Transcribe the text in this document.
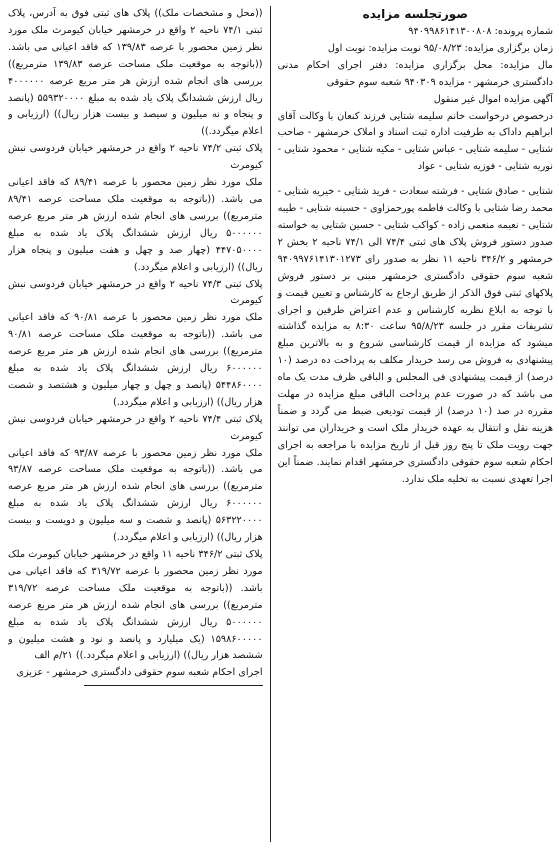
صورتجلسه مزایده

شماره پرونده: ۹۴۰۹۹۸۶۱۴۱۳۰۰۸۰۸

زمان برگزاری مزایده: ۹۵/۰۸/۲۳ نوبت مزایده: نوبت اول

مال مزایده: محل برگزاری مزایده: دفتر اجرای احکام مدنی دادگستری خرمشهر - مزایده ۹۴۰۳۰۹ شعبه سوم حقوقی

آگهی مزایده اموال غیر منقول

درخصوص درخواست خانم سلیمه شتایی فرزند کنعان با وکالت آقای ابراهیم داداک به طرفیت اداره ثبت اسناد و املاک خرمشهر - صاحب شتایی - سلیمه شتایی - عباس شتایی - مکیه شتایی - محمود شتایی - نوریه شتایی - فوزیه شتایی - عواد

شتایی - صادق شتایی - فرشته سعادت - فرید شتایی - خیریه شتایی - محمد رضا شتایی با وکالت فاطمه پورحمزاوی - حسینه شتایی - طیبه شتایی - نعیمه منعمی زاده - کواکب شتایی - حسین شتایی به خواسته صدور دستور فروش پلاک های ثبتی ۷۴/۴ الی ۷۴/۱ ناحیه ۲ بخش ۲ خرمشهر و ۳۴۶/۲ ناحیه ۱۱ نظر به صدور رای ۹۴۰۹۹۷۶۱۴۱۳۰۱۲۷۳ شعبه سوم حقوقی دادگستری خرمشهر مبنی بر دستور فروش پلاکهای ثبتی فوق الذکر از طریق ارجاع به کارشناس و تعیین قیمت و با توجه به ابلاغ نظریه کارشناس و عدم اعتراض طرفین و اجرای تشریفات مقرر در جلسه ۹۵/۸/۲۳ ساعت ۸:۳۰ به مزایده گذاشته میشود که مزایده از قیمت کارشناسی شروع و به بالاترین مبلغ پیشنهادی به فروش می رسد خریدار مکلف به پرداخت ده درصد (۱۰ درصد) از قیمت پیشنهادی فی المجلس و الباقی ظرف مدت یک ماه می باشد که در صورت عدم پرداخت الباقی مبلغ مزایده در مهلت مقرره در صد (۱۰ درصد) از قیمت تودیعی ضبط می گردد و ضمناً هزینه نقل و انتقال به عهده خریدار ملک است و خریداران می توانند جهت رویت ملک تا پنج روز قبل از تاریخ مزایده با مراجعه به اجرای احکام شعبه سوم حقوقی دادگستری خرمشهر اقدام نمایند. ضمناً این اجرا تعهدی نسبت به تخلیه ملک ندارد.

((محل و مشخصات ملک)) پلاک های ثبتی فوق به آدرس، پلاک ثبتی ۷۴/۱ ناحیه ۲ واقع در خرمشهر خیابان کیومرث ملک مورد نظر زمین محصور با عرصه ۱۳۹/۸۳ که فاقد اعیانی می باشد. ((باتوجه به موقعیت ملک مساحت عرصه ۱۳۹/۸۳ مترمربع)) بررسی های انجام شده ارزش هر متر مربع عرصه ۴۰۰۰۰۰۰ ریال ارزش ششدانگ پلاک یاد شده به مبلغ ۵۵۹۳۲۰۰۰۰ (پانصد و پنجاه و نه میلیون و سیصد و بیست هزار ریال)) (ارزیابی و اعلام میگردد.))

پلاک ثبتی ۷۴/۲ ناحیه ۲ واقع در خرمشهر خیابان فردوسی نبش کیومرث

ملک مورد نظر زمین محصور با عرصه ۸۹/۴۱ که فاقد اعیانی می باشد. ((باتوجه به موقعیت ملک مساحت عرصه ۸۹/۴۱ مترمربع)) بررسی های انجام شده ارزش هر متر مربع عرصه ۵۰۰۰۰۰۰ ریال ارزش ششدانگ پلاک یاد شده به مبلغ ۴۴۷۰۵۰۰۰۰ (چهار صد و چهل و هفت میلیون و پنجاه هزار ریال)) (ارزیابی و اعلام میگردد.)

پلاک ثبتی ۷۴/۳ ناحیه ۲ واقع در خرمشهر خیابان فردوسی نبش کیومرث

ملک مورد نظر زمین محصور با عرصه ۹۰/۸۱ که فاقد اعیانی می باشد. ((باتوجه به موقعیت ملک مساحت عرصه ۹۰/۸۱ مترمربع)) بررسی های انجام شده ارزش هر متر مربع عرصه ۶۰۰۰۰۰۰ ریال ارزش ششدانگ پلاک یاد شده به مبلغ ۵۴۴۸۶۰۰۰۰ (پانصد و چهل و چهار میلیون و هشتصد و شصت هزار ریال)) (ارزیابی و اعلام میگردد.)

پلاک ثبتی ۷۴/۴ ناحیه ۲ واقع در خرمشهر خیابان فردوسی نبش کیومرث

ملک مورد نظر زمین محصور با عرصه ۹۳/۸۷ که فاقد اعیانی می باشد. ((باتوجه به موقعیت ملک مساحت عرصه ۹۳/۸۷ مترمربع)) بررسی های انجام شده ارزش هر متر مربع عرصه ۶۰۰۰۰۰۰ ریال ارزش ششدانگ پلاک یاد شده به مبلغ ۵۶۳۲۲۰۰۰۰ (پانصد و شصت و سه میلیون و دویست و بیست هزار ریال)) (ارزیابی و اعلام میگردد.)

پلاک ثبتی ۳۴۶/۲ ناحیه ۱۱ واقع در خرمشهر خیابان کیومرث ملک مورد نظر زمین محصور با عرصه ۳۱۹/۷۲ که فاقد اعیانی می باشد. ((باتوجه به موقعیت ملک مساحت عرصه ۳۱۹/۷۲ مترمربع)) بررسی های انجام شده ارزش هر متر مربع عرصه ۵۰۰۰۰۰۰ ریال ارزش ششدانگ پلاک یاد شده به مبلغ ۱۵۹۸۶۰۰۰۰۰ (یک میلیارد و پانصد و نود و هشت میلیون و ششصد هزار ریال)) (ارزیابی و اعلام میگردد.)) ۲۱/م الف

اجرای احکام شعبه سوم حقوقی دادگستری خرمشهر - عزیزی
